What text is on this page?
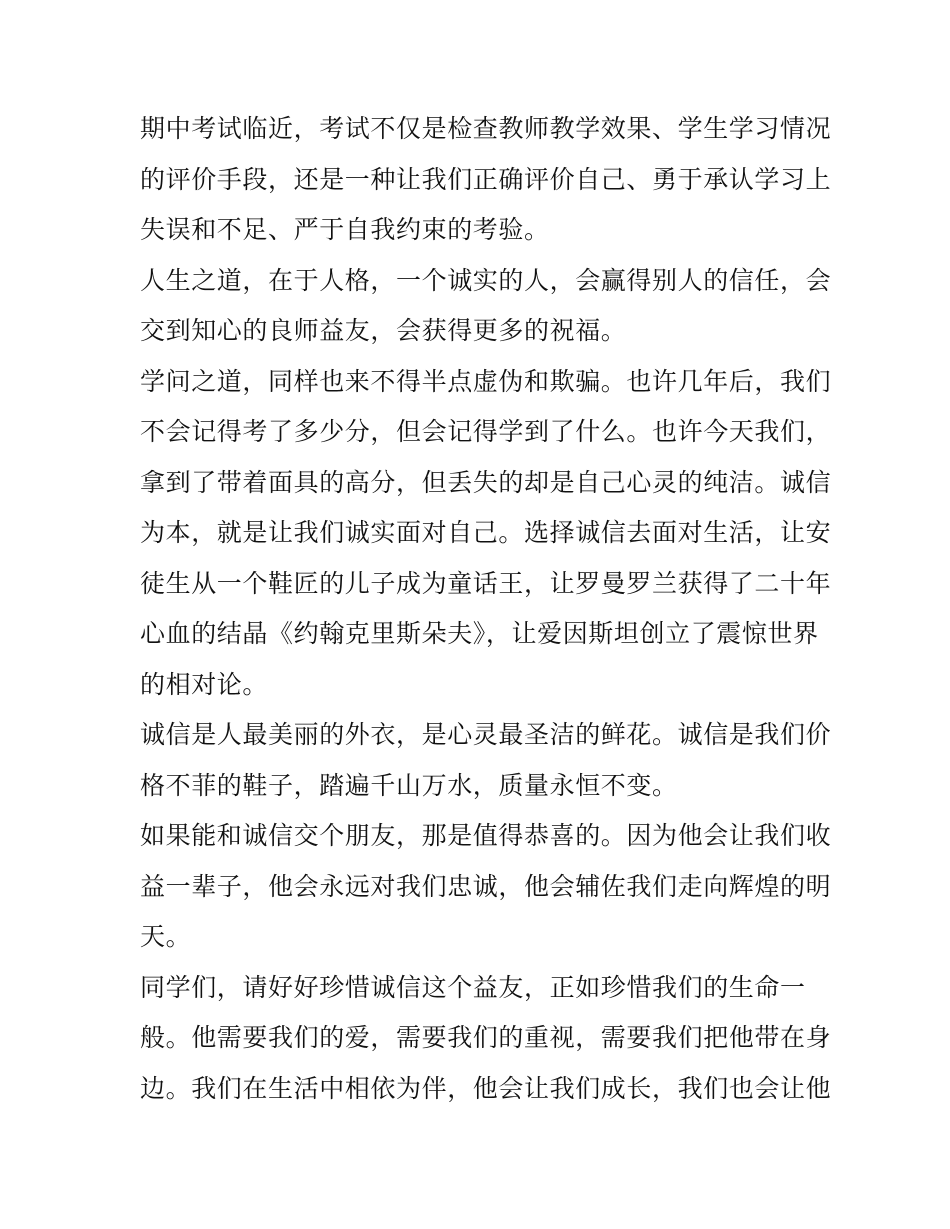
期中考试临近，考试不仅是检查教师教学效果、学生学习情况
的评价手段，还是一种让我们正确评价自己、勇于承认学习上
失误和不足、严于自我约束的考验。
人生之道，在于人格，一个诚实的人，会赢得别人的信任，会
交到知心的良师益友，会获得更多的祝福。
学问之道，同样也来不得半点虚伪和欺骗。也许几年后，我们
不会记得考了多少分，但会记得学到了什么。也许今天我们，
拿到了带着面具的高分，但丢失的却是自己心灵的纯洁。诚信
为本，就是让我们诚实面对自己。选择诚信去面对生活，让安
徒生从一个鞋匠的儿子成为童话王，让罗曼罗兰获得了二十年
心血的结晶《约翰克里斯朵夫》，让爱因斯坦创立了震惊世界
的相对论。
诚信是人最美丽的外衣，是心灵最圣洁的鲜花。诚信是我们价
格不菲的鞋子，踏遍千山万水，质量永恒不变。
如果能和诚信交个朋友，那是值得恭喜的。因为他会让我们收
益一辈子，他会永远对我们忠诚，他会辅佐我们走向辉煌的明
天。
同学们，请好好珍惜诚信这个益友，正如珍惜我们的生命一
般。他需要我们的爱，需要我们的重视，需要我们把他带在身
边。我们在生活中相依为伴，他会让我们成长，我们也会让他
